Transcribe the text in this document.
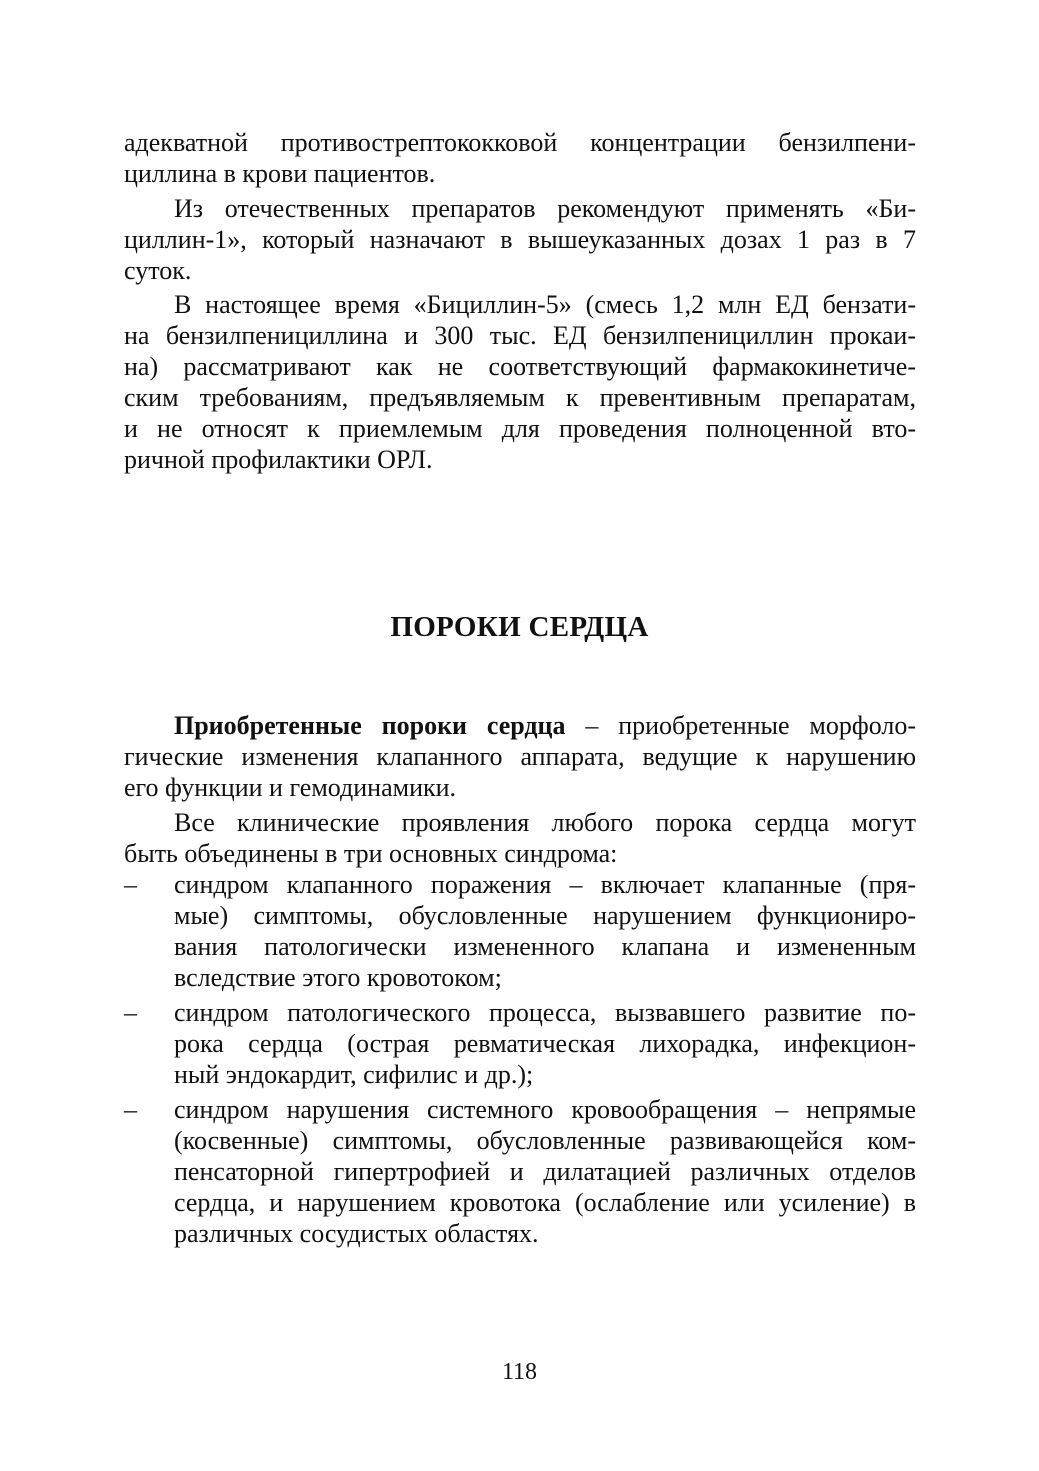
адекватной противострептококковой концентрации бензилпени-
циллина в крови пациентов.
Из отечественных препаратов рекомендуют применять «Би-
циллин-1», который назначают в вышеуказанных дозах 1 раз в 7
суток.
В настоящее время «Бициллин-5» (смесь 1,2 млн ЕД бензати-
на бензилпенициллина и 300 тыс. ЕД бензилпенициллин прокаи-
на) рассматривают как не соответствующий фармакокинетиче-
ским требованиям, предъявляемым к превентивным препаратам,
и не относят к приемлемым для проведения полноценной вто-
ричной профилактики ОРЛ.
ПОРОКИ СЕРДЦА
Приобретенные пороки сердца – приобретенные морфоло-
гические изменения клапанного аппарата, ведущие к нарушению
его функции и гемодинамики.
Все клинические проявления любого порока сердца могут
быть объединены в три основных синдрома:
–	синдром клапанного поражения – включает клапанные (пря-
мые) симптомы, обусловленные нарушением функциониро-
вания патологически измененного клапана и измененным
вследствие этого кровотоком;
–	синдром патологического процесса, вызвавшего развитие по-
рока сердца (острая ревматическая лихорадка, инфекцион-
ный эндокардит, сифилис и др.);
–	синдром нарушения системного кровообращения – непрямые
(косвенные) симптомы, обусловленные развивающейся ком-
пенсаторной гипертрофией и дилатацией различных отделов
сердца, и нарушением кровотока (ослабление или усиление) в
различных сосудистых областях.
118
